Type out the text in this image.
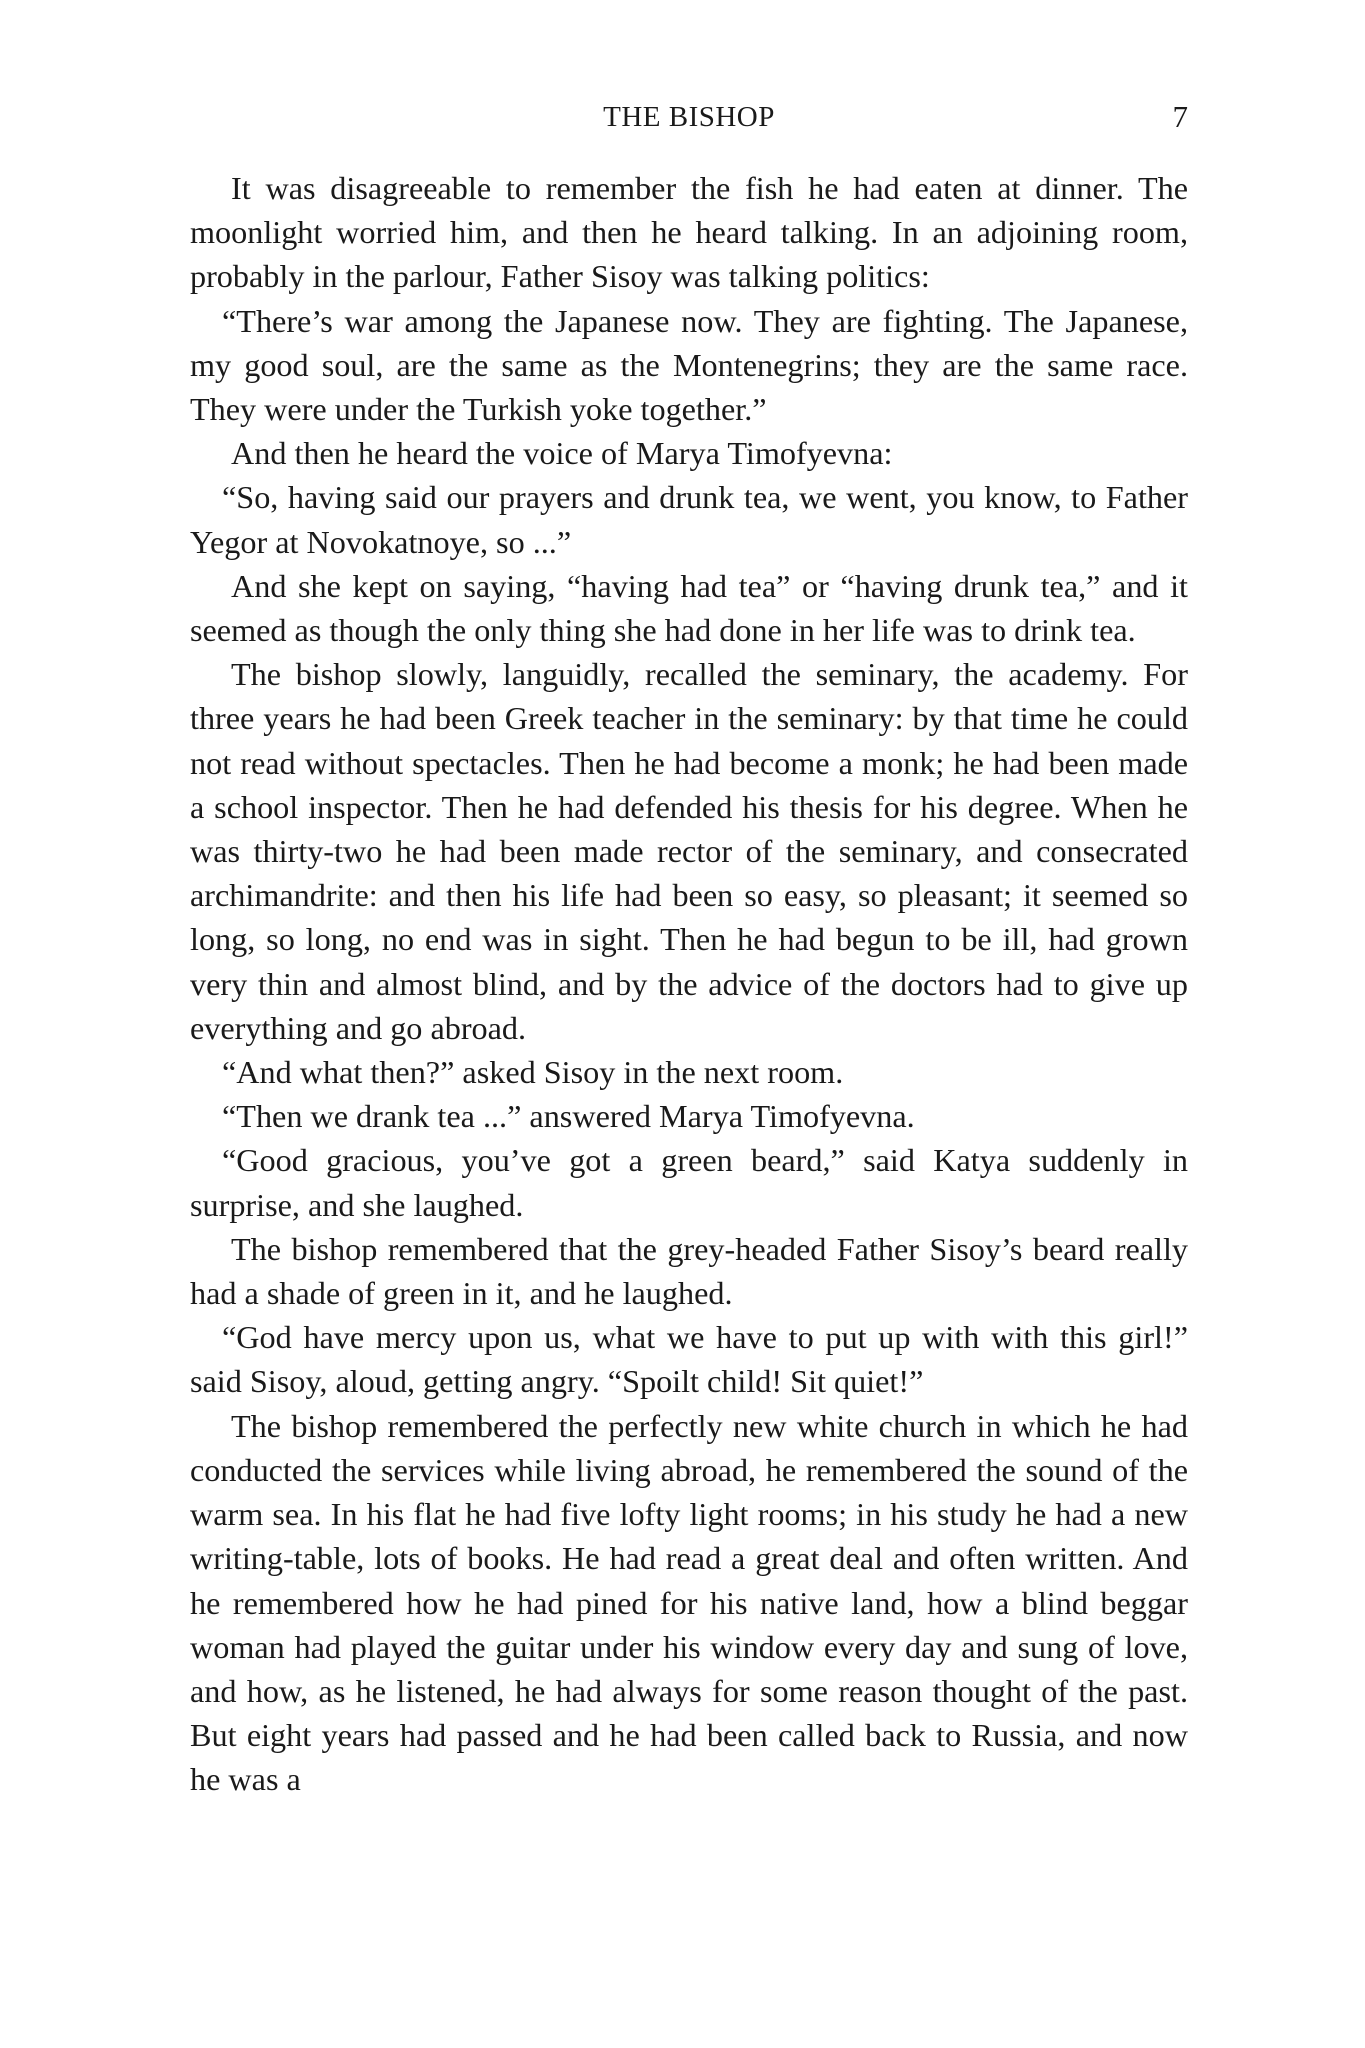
THE BISHOP	7

It was disagreeable to remember the fish he had eaten at dinner. The moonlight worried him, and then he heard talking. In an adjoining room, probably in the parlour, Father Sisoy was talking politics:

“There’s war among the Japanese now. They are fighting. The Japanese, my good soul, are the same as the Montenegrins; they are the same race. They were under the Turkish yoke together.”

And then he heard the voice of Marya Timofyevna:

“So, having said our prayers and drunk tea, we went, you know, to Father Yegor at Novokatnoye, so ...”

And she kept on saying, “having had tea” or “having drunk tea,” and it seemed as though the only thing she had done in her life was to drink tea.

The bishop slowly, languidly, recalled the seminary, the academy. For three years he had been Greek teacher in the seminary: by that time he could not read without spectacles. Then he had become a monk; he had been made a school inspector. Then he had defended his thesis for his degree. When he was thirty-two he had been made rector of the seminary, and consecrated archimandrite: and then his life had been so easy, so pleasant; it seemed so long, so long, no end was in sight. Then he had begun to be ill, had grown very thin and almost blind, and by the advice of the doctors had to give up everything and go abroad.

“And what then?” asked Sisoy in the next room.

“Then we drank tea ...” answered Marya Timofyevna.

“Good gracious, you’ve got a green beard,” said Katya suddenly in surprise, and she laughed.

The bishop remembered that the grey-headed Father Sisoy’s beard really had a shade of green in it, and he laughed.

“God have mercy upon us, what we have to put up with with this girl!” said Sisoy, aloud, getting angry. “Spoilt child! Sit quiet!”

The bishop remembered the perfectly new white church in which he had conducted the services while living abroad, he remembered the sound of the warm sea. In his flat he had five lofty light rooms; in his study he had a new writing-table, lots of books. He had read a great deal and often written. And he remembered how he had pined for his native land, how a blind beggar woman had played the guitar under his window every day and sung of love, and how, as he listened, he had always for some reason thought of the past. But eight years had passed and he had been called back to Russia, and now he was a
